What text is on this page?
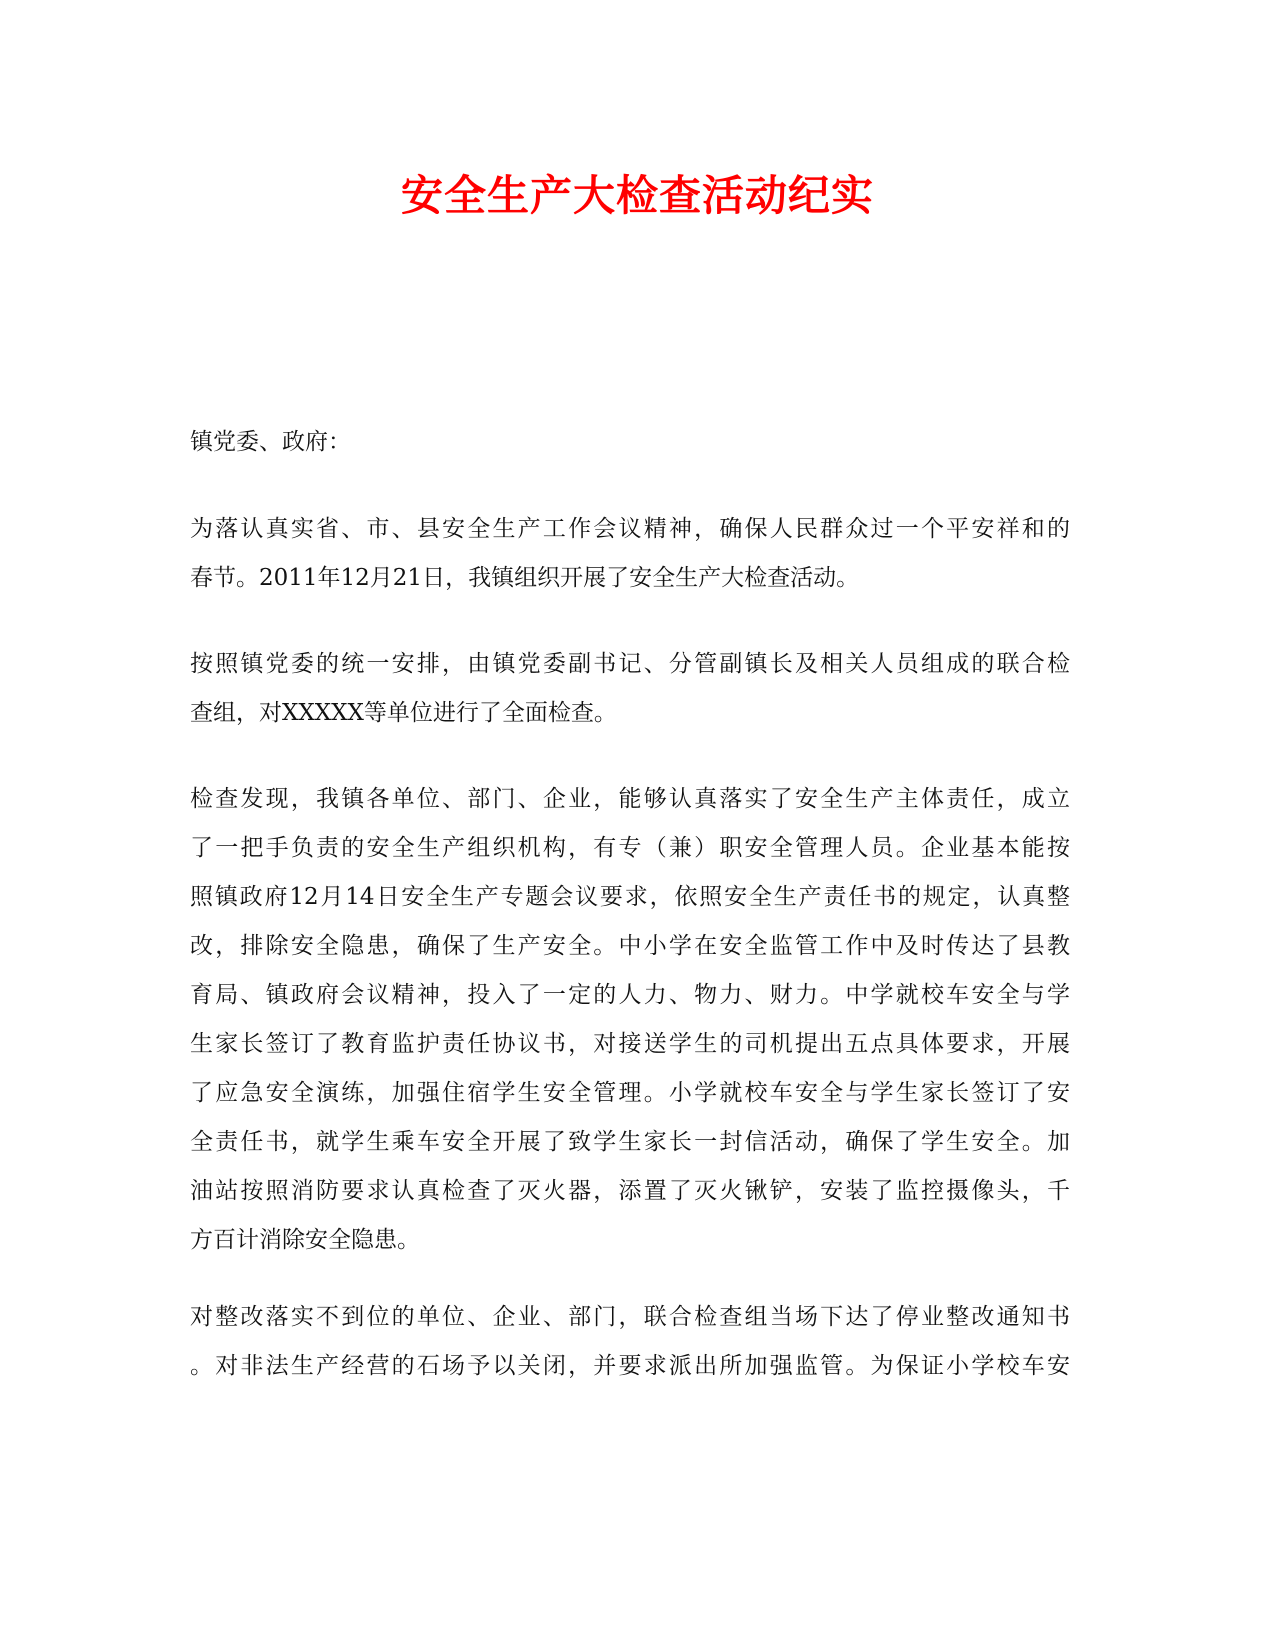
安全生产大检查活动纪实
镇党委、政府：
为落认真实省、市、县安全生产工作会议精神，确保人民群众过一个平安祥和的
春节。2011年12月21日，我镇组织开展了安全生产大检查活动。
按照镇党委的统一安排，由镇党委副书记、分管副镇长及相关人员组成的联合检
查组，对XXXXX等单位进行了全面检查。
检查发现，我镇各单位、部门、企业，能够认真落实了安全生产主体责任，成立
了一把手负责的安全生产组织机构，有专（兼）职安全管理人员。企业基本能按
照镇政府12月14日安全生产专题会议要求，依照安全生产责任书的规定，认真整
改，排除安全隐患，确保了生产安全。中小学在安全监管工作中及时传达了县教
育局、镇政府会议精神，投入了一定的人力、物力、财力。中学就校车安全与学
生家长签订了教育监护责任协议书，对接送学生的司机提出五点具体要求，开展
了应急安全演练，加强住宿学生安全管理。小学就校车安全与学生家长签订了安
全责任书，就学生乘车安全开展了致学生家长一封信活动，确保了学生安全。加
油站按照消防要求认真检查了灭火器，添置了灭火锹铲，安装了监控摄像头，千
方百计消除安全隐患。
对整改落实不到位的单位、企业、部门，联合检查组当场下达了停业整改通知书
。对非法生产经营的石场予以关闭，并要求派出所加强监管。为保证小学校车安
